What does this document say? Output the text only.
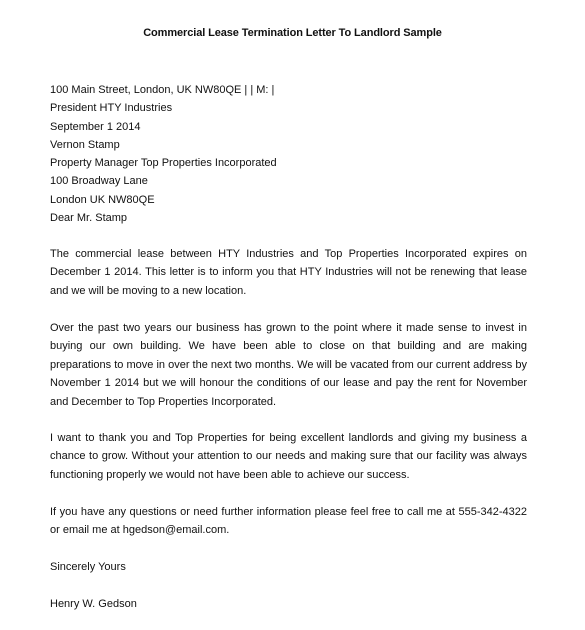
Commercial Lease Termination Letter To Landlord Sample
100 Main Street, London, UK NW80QE | | M: |
President HTY Industries
September 1 2014
Vernon Stamp
Property Manager Top Properties Incorporated
100 Broadway Lane
London UK NW80QE
Dear Mr. Stamp

The commercial lease between HTY Industries and Top Properties Incorporated expires on December 1 2014. This letter is to inform you that HTY Industries will not be renewing that lease and we will be moving to a new location.

Over the past two years our business has grown to the point where it made sense to invest in buying our own building. We have been able to close on that building and are making preparations to move in over the next two months. We will be vacated from our current address by November 1 2014 but we will honour the conditions of our lease and pay the rent for November and December to Top Properties Incorporated.

I want to thank you and Top Properties for being excellent landlords and giving my business a chance to grow. Without your attention to our needs and making sure that our facility was always functioning properly we would not have been able to achieve our success.

If you have any questions or need further information please feel free to call me at 555-342-4322 or email me at hgedson@email.com.

Sincerely Yours
Henry W. Gedson
